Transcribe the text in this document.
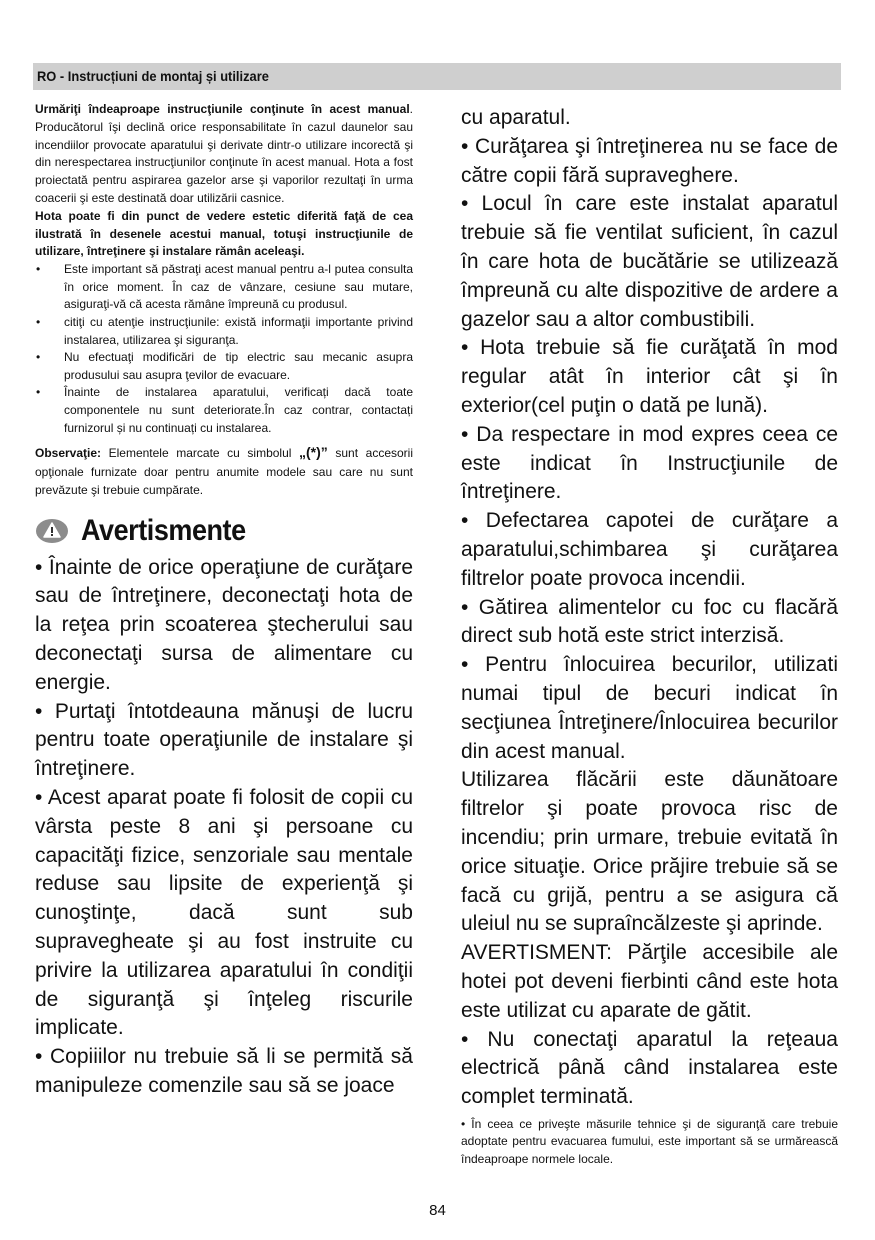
RO - Instrucțiuni de montaj și utilizare

Urmăriţi îndeaproape instrucţiunile conţinute în acest manual. Producătorul îşi declină orice responsabilitate în cazul daunelor sau incendiilor provocate aparatului şi derivate dintr-o utilizare incorectă şi din nerespectarea instrucţiunilor conţinute în acest manual. Hota a fost proiectată pentru aspirarea gazelor arse şi vaporilor rezultaţi în urma coacerii şi este destinată doar utilizării casnice.

Hota poate fi din punct de vedere estetic diferită faţă de cea ilustrată în desenele acestui manual, totuşi instrucţiunile de utilizare, întreţinere şi instalare rămân aceleaşi.

• Este important să păstraţi acest manual pentru a-l putea consulta în orice moment. În caz de vânzare, cesiune sau mutare, asiguraţi-vă că acesta rămâne împreună cu produsul.
• citiţi cu atenţie instrucţiunile: există informaţii importante privind instalarea, utilizarea şi siguranţa.
• Nu efectuaţi modificări de tip electric sau mecanic asupra produsului sau asupra ţevilor de evacuare.
• Înainte de instalarea aparatului, verificați dacă toate componentele nu sunt deteriorate.În caz contrar, contactați furnizorul și nu continuați cu instalarea.
Observaţie: Elementele marcate cu simbolul „(*)” sunt accesorii opţionale furnizate doar pentru anumite modele sau care nu sunt prevăzute şi trebuie cumpărate.
Avertismente

• Înainte de orice operaţiune de curăţare sau de întreţinere, deconectaţi hota de la reţea prin scoaterea ştecherului sau deconectaţi sursa de alimentare cu energie.

• Purtaţi întotdeauna mănuşi de lucru pentru toate operaţiunile de instalare şi întreţinere.

• Acest aparat poate fi folosit de copii cu vârsta peste 8 ani şi persoane cu capacităţi fizice, senzoriale sau mentale reduse sau lipsite de experienţă şi cunoştinţe, dacă sunt sub supravegheate şi au fost instruite cu privire la utilizarea aparatului în condiţii de siguranţă şi înţeleg riscurile implicate.

• Copiiilor nu trebuie să li se permită să manipuleze comenzile sau să se joace

cu aparatul.

• Curăţarea şi întreţinerea nu se face de către copii fără supraveghere.

• Locul în care este instalat aparatul trebuie să fie ventilat suficient, în cazul în care hota de bucătărie se utilizează împreună cu alte dispozitive de ardere a gazelor sau a altor combustibili.

• Hota trebuie să fie curăţată în mod regular atât în interior cât şi în exterior(cel puţin o dată pe lună).

• Da respectare in mod expres ceea ce este indicat în Instrucţiunile de întreţinere.

• Defectarea capotei de curăţare a aparatului,schimbarea şi curăţarea filtrelor poate provoca incendii.

• Gătirea alimentelor cu foc cu flacără direct sub hotă este strict interzisă.

• Pentru înlocuirea becurilor, utilizati numai tipul de becuri indicat în secţiunea Întreţinere/Înlocuirea becurilor din acest manual.

Utilizarea flăcării este dăunătoare filtrelor şi poate provoca risc de incendiu; prin urmare, trebuie evitată în orice situaţie. Orice prăjire trebuie să se facă cu grijă, pentru a se asigura că uleiul nu se supraîncălzeste şi aprinde.

AVERTISMENT: Părţile accesibile ale hotei pot deveni fierbinti când este hota este utilizat cu aparate de gătit.

• Nu conectaţi aparatul la reţeaua electrică până când instalarea este complet terminată.

• În ceea ce priveşte măsurile tehnice şi de siguranţă care trebuie adoptate pentru evacuarea fumului, este important să se urmărească îndeaproape normele locale.
84
